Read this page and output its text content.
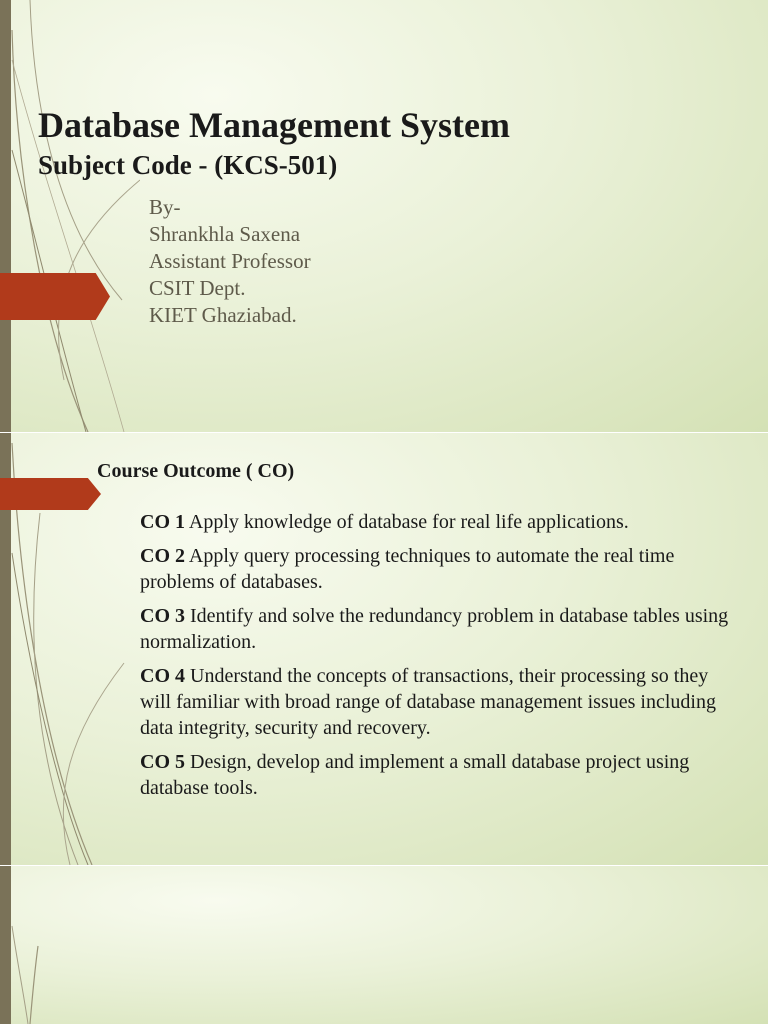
Database Management System
Subject Code - (KCS-501)
By-
Shrankhla Saxena
Assistant Professor
CSIT Dept.
KIET Ghaziabad.
Course Outcome ( CO)
CO 1 Apply knowledge of database for real life applications.
CO 2 Apply query processing techniques to automate the real time problems of databases.
CO 3 Identify and solve the redundancy problem in database tables using normalization.
CO 4 Understand the concepts of transactions, their processing so they will familiar with broad range of database management issues including data integrity, security and recovery.
CO 5 Design, develop and implement a small database project using database tools.
